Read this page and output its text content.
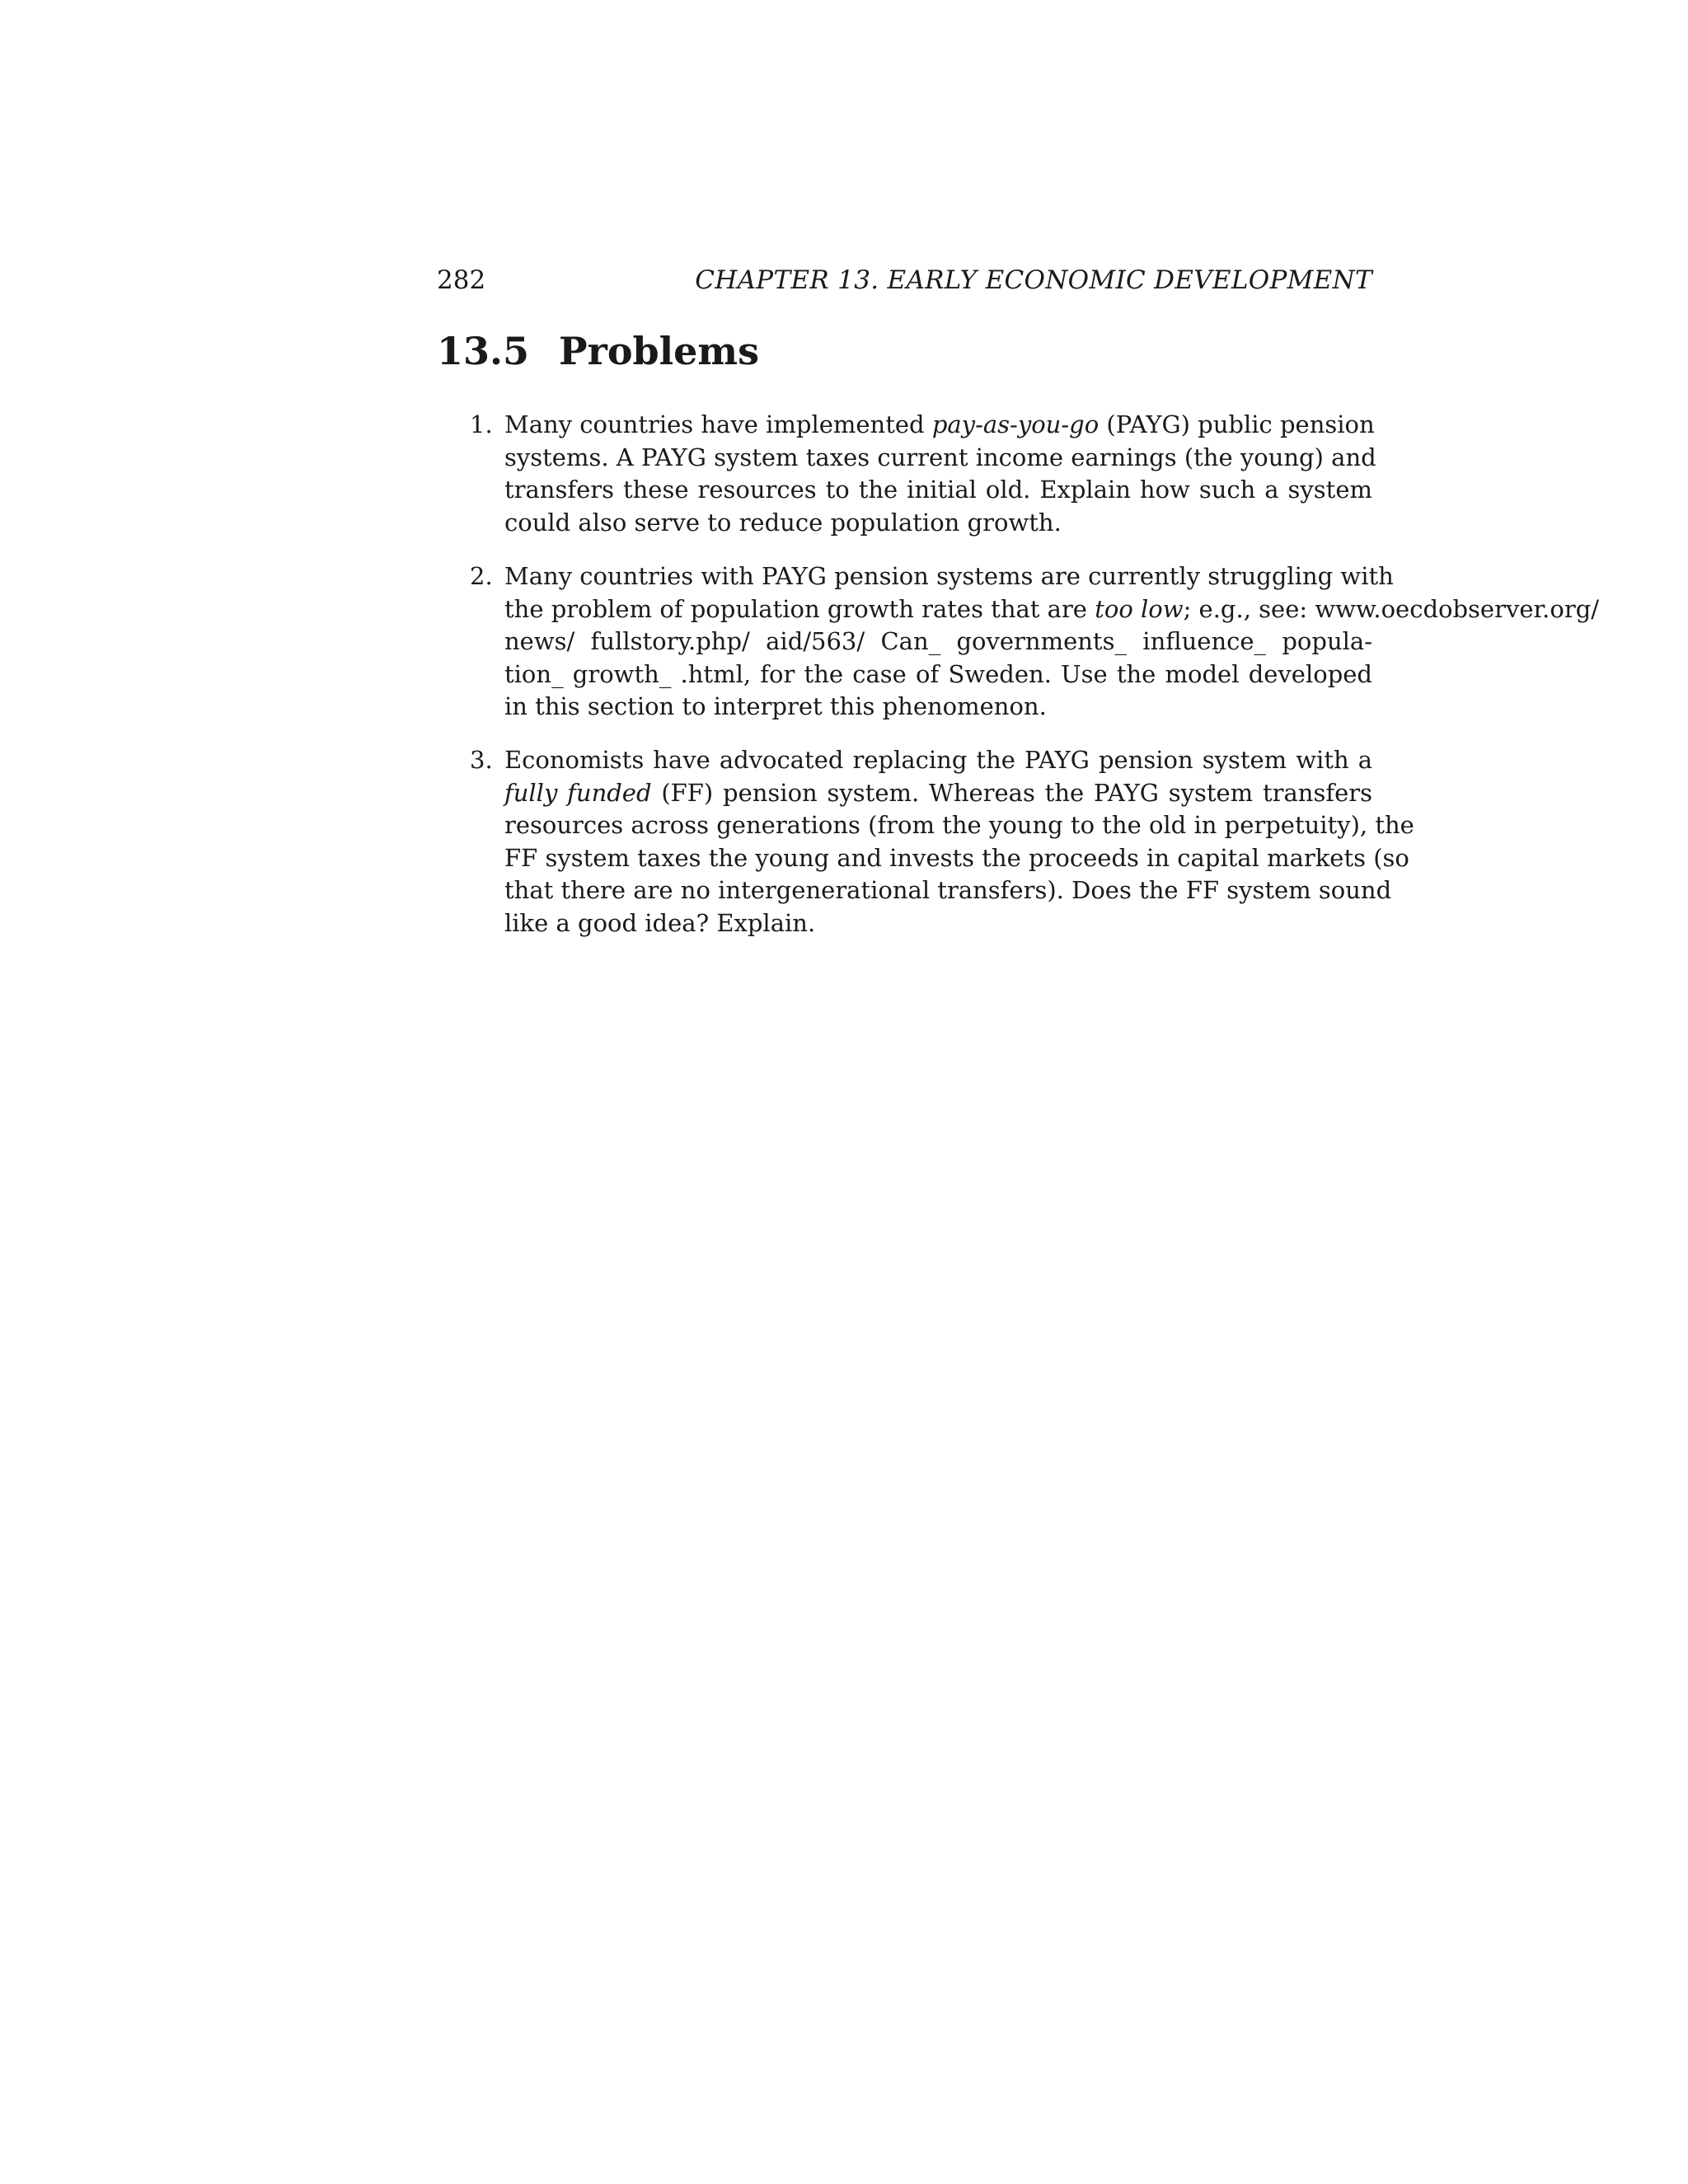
282	CHAPTER 13. EARLY ECONOMIC DEVELOPMENT
13.5 Problems
1. Many countries have implemented pay-as-you-go (PAYG) public pension
systems. A PAYG system taxes current income earnings (the young) and
transfers these resources to the initial old. Explain how such a system
could also serve to reduce population growth.
2. Many countries with PAYG pension systems are currently struggling with
the problem of population growth rates that are too low; e.g., see: www.oecdobserver.org/
news/ fullstory.php/ aid/563/ Can_ governments_ influence_ popula-
tion_ growth_ .html, for the case of Sweden. Use the model developed
in this section to interpret this phenomenon.
3. Economists have advocated replacing the PAYG pension system with a
fully funded (FF) pension system. Whereas the PAYG system transfers
resources across generations (from the young to the old in perpetuity), the
FF system taxes the young and invests the proceeds in capital markets (so
that there are no intergenerational transfers). Does the FF system sound
like a good idea? Explain.
